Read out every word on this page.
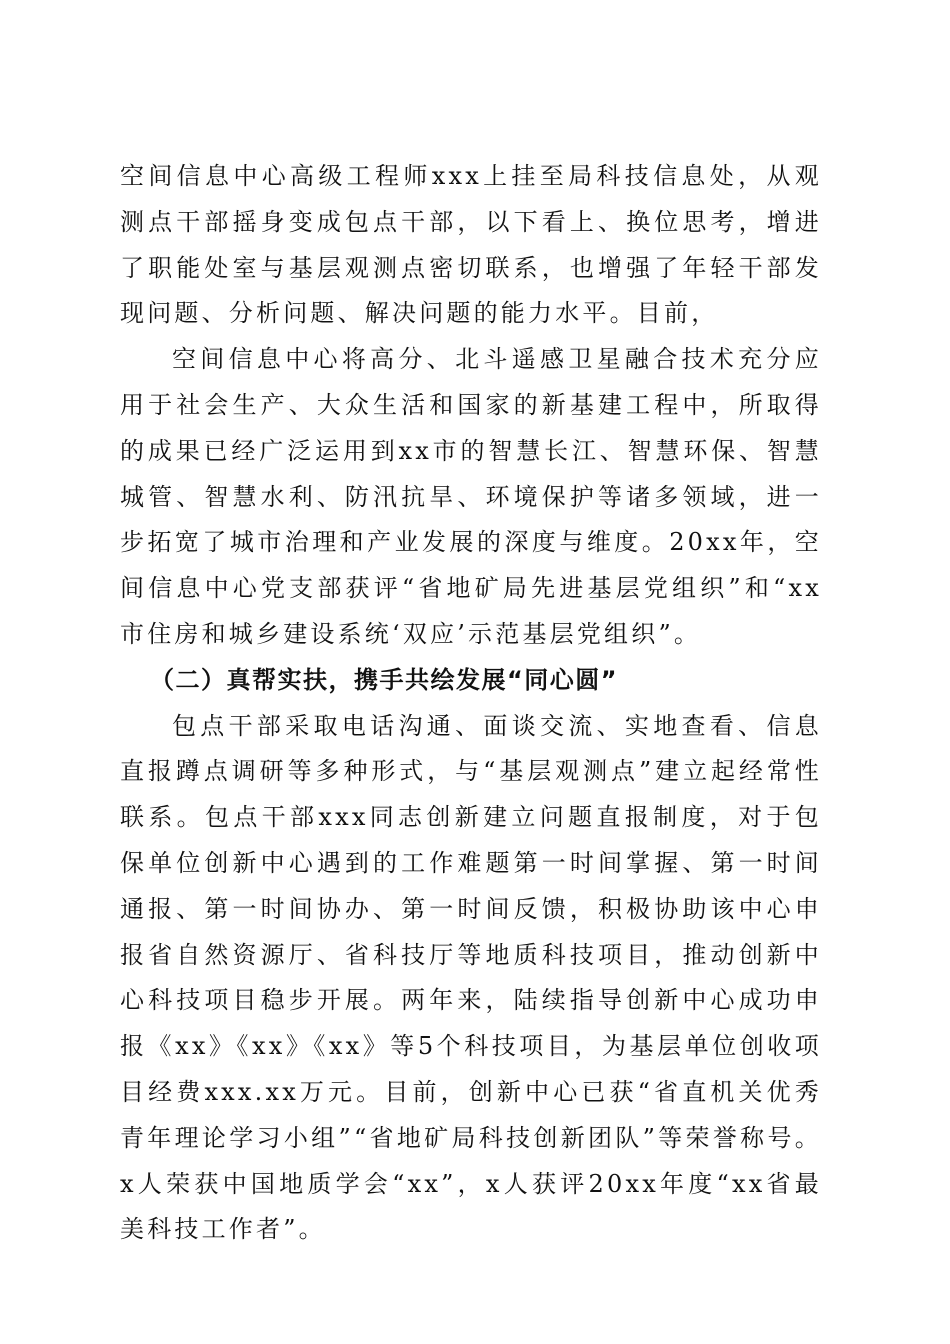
空间信息中心高级工程师xxx上挂至局科技信息处，从观测点干部摇身变成包点干部，以下看上、换位思考，增进了职能处室与基层观测点密切联系，也增强了年轻干部发现问题、分析问题、解决问题的能力水平。目前，

空间信息中心将高分、北斗遥感卫星融合技术充分应用于社会生产、大众生活和国家的新基建工程中，所取得的成果已经广泛运用到xx市的智慧长江、智慧环保、智慧城管、智慧水利、防汛抗旱、环境保护等诸多领域，进一步拓宽了城市治理和产业发展的深度与维度。20xx年，空间信息中心党支部获评“省地矿局先进基层党组织”和“xx市住房和城乡建设系统‘双应’示范基层党组织”。

（二）真帮实扶，携手共绘发展“同心圆”

包点干部采取电话沟通、面谈交流、实地查看、信息直报蹲点调研等多种形式，与“基层观测点”建立起经常性联系。包点干部xxx同志创新建立问题直报制度，对于包保单位创新中心遇到的工作难题第一时间掌握、第一时间通报、第一时间协办、第一时间反馈，积极协助该中心申报省自然资源厅、省科技厅等地质科技项目，推动创新中心科技项目稳步开展。两年来，陆续指导创新中心成功申报《xx》《xx》《xx》等5个科技项目，为基层单位创收项目经费xxx.xx万元。目前，创新中心已获“省直机关优秀青年理论学习小组”“省地矿局科技创新团队”等荣誉称号。x人荣获中国地质学会“xx”，x人获评20xx年度“xx省最美科技工作者”。
